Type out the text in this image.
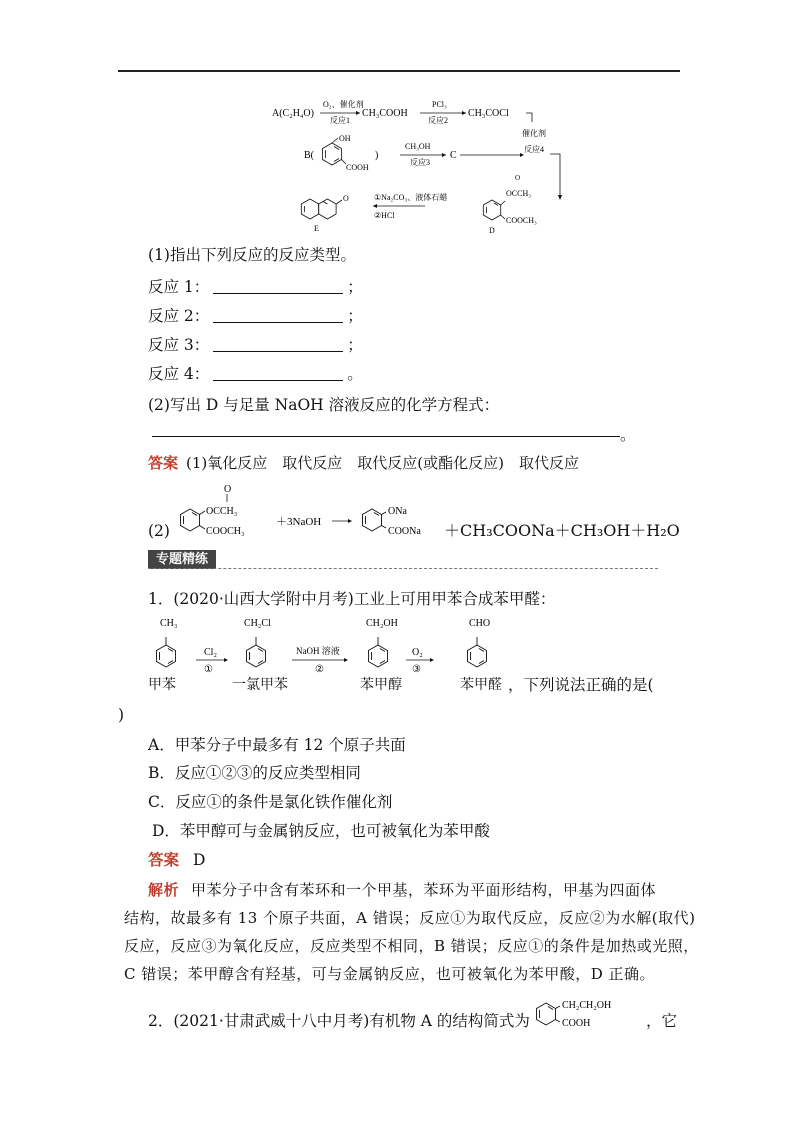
A(C₂H₄O)
O₂、催化剂
反应1
CH₃COOH
PCl₃
反应2
CH₃COCl
催化剂
反应4
B(
OH
COOH
)
CH₃OH
反应3
C
O
E
①Na₂CO₃、液体石蜡
②HCl
O
OCCH₃
COOCH₃
D
(1)指出下列反应的反应类型。
反应 1：	；
反应 2：	；
反应 3：	；
反应 4：	。
(2)写出 D 与足量 NaOH 溶液反应的化学方程式：
。
答案 (1)氧化反应　取代反应　取代反应(或酯化反应)　取代反应
(2)
O
OCCH₃
COOCH₃
＋3NaOH
ONa
COONa ＋CH₃COONa＋CH₃OH＋H₂O
专题精练
1．(2020·山西大学附中月考)工业上可用甲苯合成苯甲醛：
CH₃
Cl₂
①
CH₂Cl
NaOH 溶液
②
CH₂OH
O₂
③
CHO
甲苯	一氯甲苯	苯甲醇	苯甲醛 ，下列说法正确的是(
)
A．甲苯分子中最多有 12 个原子共面
B．反应①②③的反应类型相同
C．反应①的条件是氯化铁作催化剂
D．苯甲醇可与金属钠反应，也可被氧化为苯甲酸
答案 D
解析 甲苯分子中含有苯环和一个甲基，苯环为平面形结构，甲基为四面体
结构，故最多有 13 个原子共面，A 错误；反应①为取代反应，反应②为水解(取代)
反应，反应③为氧化反应，反应类型不相同，B 错误；反应①的条件是加热或光照，
C 错误；苯甲醇含有羟基，可与金属钠反应，也可被氧化为苯甲酸，D 正确。
2．(2021·甘肃武威十八中月考)有机物 A 的结构简式为
CH₂CH₂OH
COOH	，它
